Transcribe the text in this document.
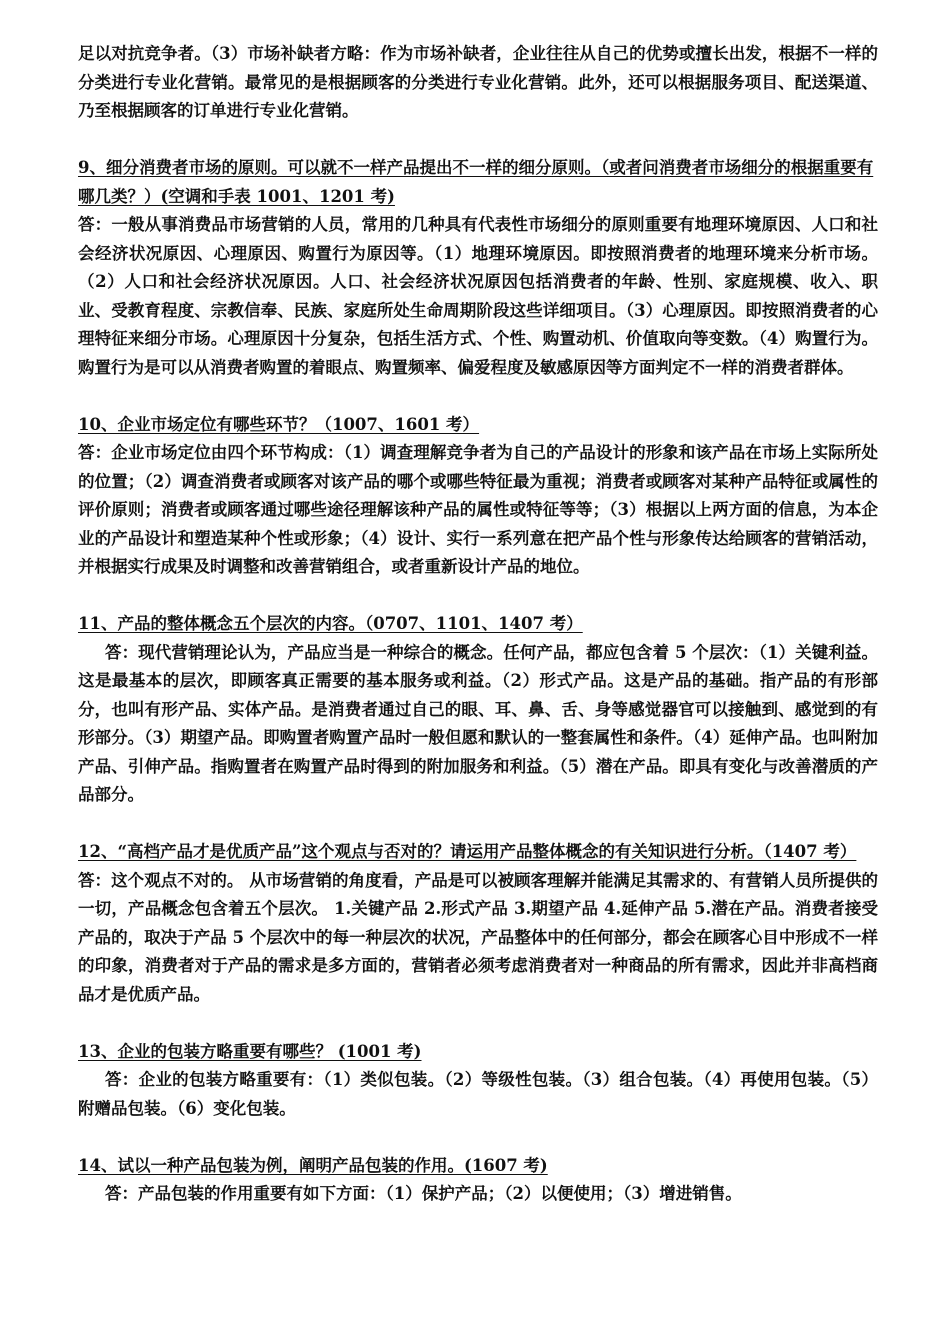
足以对抗竞争者。（3）市场补缺者方略：作为市场补缺者，企业往往从自己的优势或擅长出发，根据不一样的分类进行专业化营销。最常见的是根据顾客的分类进行专业化营销。此外，还可以根据服务项目、配送渠道、乃至根据顾客的订单进行专业化营销。

9、细分消费者市场的原则。可以就不一样产品提出不一样的细分原则。（或者问消费者市场细分的根据重要有哪几类？）(空调和手表 1001、1201 考)

答：一般从事消费品市场营销的人员，常用的几种具有代表性市场细分的原则重要有地理环境原因、人口和社会经济状况原因、心理原因、购置行为原因等。（1）地理环境原因。即按照消费者的地理环境来分析市场。（2）人口和社会经济状况原因。人口、社会经济状况原因包括消费者的年龄、性别、家庭规模、收入、职业、受教育程度、宗教信奉、民族、家庭所处生命周期阶段这些详细项目。（3）心理原因。即按照消费者的心理特征来细分市场。心理原因十分复杂，包括生活方式、个性、购置动机、价值取向等变数。（4）购置行为。购置行为是可以从消费者购置的着眼点、购置频率、偏爱程度及敏感原因等方面判定不一样的消费者群体。

10、企业市场定位有哪些环节？（1007、1601 考）

答：企业市场定位由四个环节构成：（1）调查理解竞争者为自己的产品设计的形象和该产品在市场上实际所处的位置；（2）调查消费者或顾客对该产品的哪个或哪些特征最为重视；消费者或顾客对某种产品特征或属性的评价原则；消费者或顾客通过哪些途径理解该种产品的属性或特征等等；（3）根据以上两方面的信息，为本企业的产品设计和塑造某种个性或形象；（4）设计、实行一系列意在把产品个性与形象传达给顾客的营销活动，并根据实行成果及时调整和改善营销组合，或者重新设计产品的地位。

11、产品的整体概念五个层次的内容。（0707、1101、1407 考）

答：现代营销理论认为，产品应当是一种综合的概念。任何产品，都应包含着 5 个层次：（1）关键利益。这是最基本的层次，即顾客真正需要的基本服务或利益。（2）形式产品。这是产品的基础。指产品的有形部分，也叫有形产品、实体产品。是消费者通过自己的眼、耳、鼻、舌、身等感觉器官可以接触到、感觉到的有形部分。（3）期望产品。即购置者购置产品时一般但愿和默认的一整套属性和条件。（4）延伸产品。也叫附加产品、引伸产品。指购置者在购置产品时得到的附加服务和利益。（5）潜在产品。即具有变化与改善潜质的产品部分。

12、“高档产品才是优质产品”这个观点与否对的？请运用产品整体概念的有关知识进行分析。（1407 考）

答：这个观点不对的。 从市场营销的角度看，产品是可以被顾客理解并能满足其需求的、有营销人员所提供的一切，产品概念包含着五个层次。 1.关键产品 2.形式产品 3.期望产品 4.延伸产品 5.潜在产品。消费者接受产品的，取决于产品 5 个层次中的每一种层次的状况，产品整体中的任何部分，都会在顾客心目中形成不一样的印象，消费者对于产品的需求是多方面的，营销者必须考虑消费者对一种商品的所有需求，因此并非高档商品才是优质产品。

13、企业的包装方略重要有哪些？ (1001 考)

答：企业的包装方略重要有：（1）类似包装。（2）等级性包装。（3）组合包装。（4）再使用包装。（5）附赠品包装。（6）变化包装。

14、试以一种产品包装为例，阐明产品包装的作用。(1607 考)

答：产品包装的作用重要有如下方面：（1）保护产品；（2）以便使用；（3）增进销售。
